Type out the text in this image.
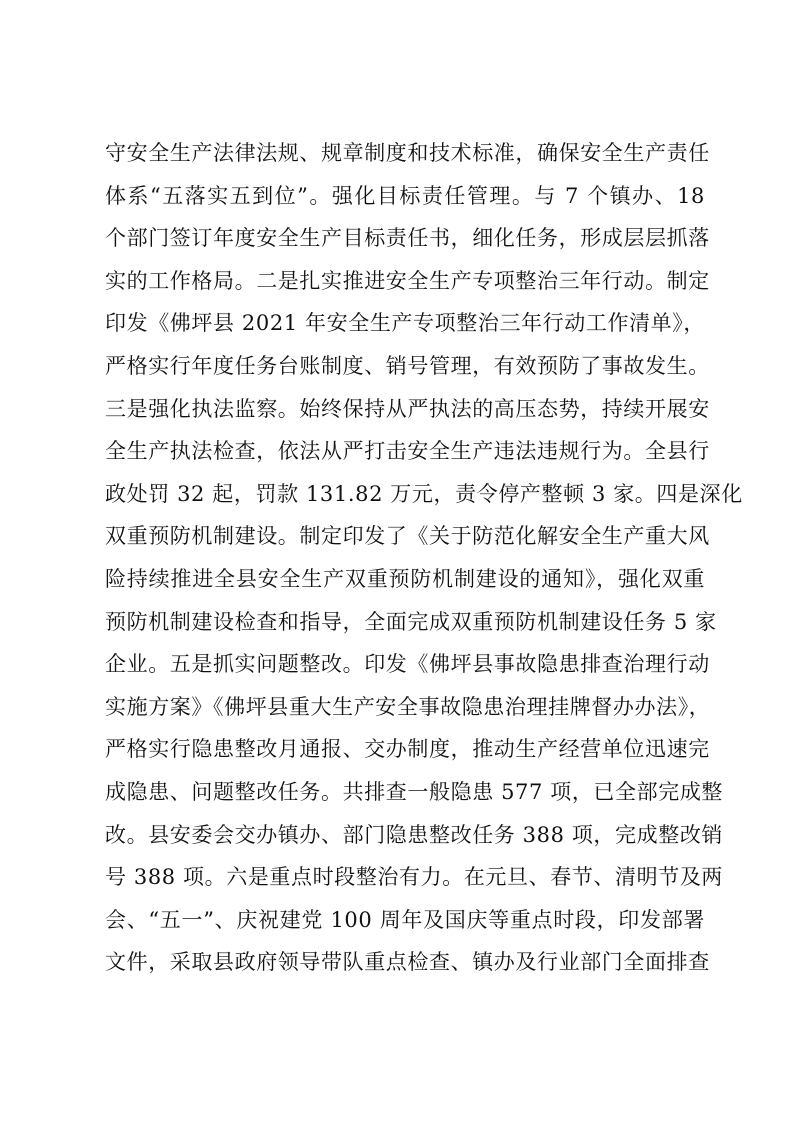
守安全生产法律法规、规章制度和技术标准，确保安全生产责任
体系“五落实五到位”。强化目标责任管理。与 7 个镇办、18
个部门签订年度安全生产目标责任书，细化任务，形成层层抓落
实的工作格局。二是扎实推进安全生产专项整治三年行动。制定
印发《佛坪县 2021 年安全生产专项整治三年行动工作清单》，
严格实行年度任务台账制度、销号管理，有效预防了事故发生。
三是强化执法监察。始终保持从严执法的高压态势，持续开展安
全生产执法检查，依法从严打击安全生产违法违规行为。全县行
政处罚 32 起，罚款 131.82 万元，责令停产整顿 3 家。四是深化
双重预防机制建设。制定印发了《关于防范化解安全生产重大风
险持续推进全县安全生产双重预防机制建设的通知》，强化双重
预防机制建设检查和指导，全面完成双重预防机制建设任务 5 家
企业。五是抓实问题整改。印发《佛坪县事故隐患排查治理行动
实施方案》《佛坪县重大生产安全事故隐患治理挂牌督办办法》，
严格实行隐患整改月通报、交办制度，推动生产经营单位迅速完
成隐患、问题整改任务。共排查一般隐患 577 项，已全部完成整
改。县安委会交办镇办、部门隐患整改任务 388 项，完成整改销
号 388 项。六是重点时段整治有力。在元旦、春节、清明节及两
会、“五一”、庆祝建党 100 周年及国庆等重点时段，印发部署
文件，采取县政府领导带队重点检查、镇办及行业部门全面排查
